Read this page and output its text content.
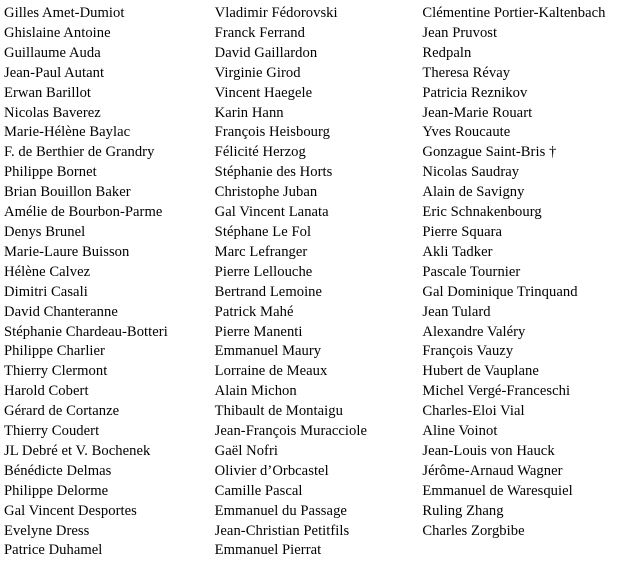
Gilles Amet-Dumiot
Ghislaine Antoine
Guillaume Auda
Jean-Paul Autant
Erwan Barillot
Nicolas Baverez
Marie-Hélène Baylac
F. de Berthier de Grandry
Philippe Bornet
Brian Bouillon Baker
Amélie de Bourbon-Parme
Denys Brunel
Marie-Laure Buisson
Hélène Calvez
Dimitri Casali
David Chanteranne
Stéphanie Chardeau-Botteri
Philippe Charlier
Thierry Clermont
Harold Cobert
Gérard de Cortanze
Thierry Coudert
JL Debré et V. Bochenek
Bénédicte Delmas
Philippe Delorme
Gal Vincent Desportes
Evelyne Dress
Patrice Duhamel
Vladimir Fédorovski
Franck Ferrand
David Gaillardon
Virginie Girod
Vincent Haegele
Karin Hann
François Heisbourg
Félicité Herzog
Stéphanie des Horts
Christophe Juban
Gal Vincent Lanata
Stéphane Le Fol
Marc Lefranger
Pierre Lellouche
Bertrand Lemoine
Patrick Mahé
Pierre Manenti
Emmanuel Maury
Lorraine de Meaux
Alain Michon
Thibault de Montaigu
Jean-François Muracciole
Gaël Nofri
Olivier d’Orbcastel
Camille Pascal
Emmanuel du Passage
Jean-Christian Petitfils
Emmanuel Pierrat
Clémentine Portier-Kaltenbach
Jean Pruvost
Redpaln
Theresa Révay
Patricia Reznikov
Jean-Marie Rouart
Yves Roucaute
Gonzague Saint-Bris †
Nicolas Saudray
Alain de Savigny
Eric Schnakenbourg
Pierre Squara
Akli Tadker
Pascale Tournier
Gal Dominique Trinquand
Jean Tulard
Alexandre Valéry
François Vauzy
Hubert de Vauplane
Michel Vergé-Franceschi
Charles-Eloi Vial
Aline Voinot
Jean-Louis von Hauck
Jérôme-Arnaud Wagner
Emmanuel de Waresquiel
Ruling Zhang
Charles Zorgbibe
